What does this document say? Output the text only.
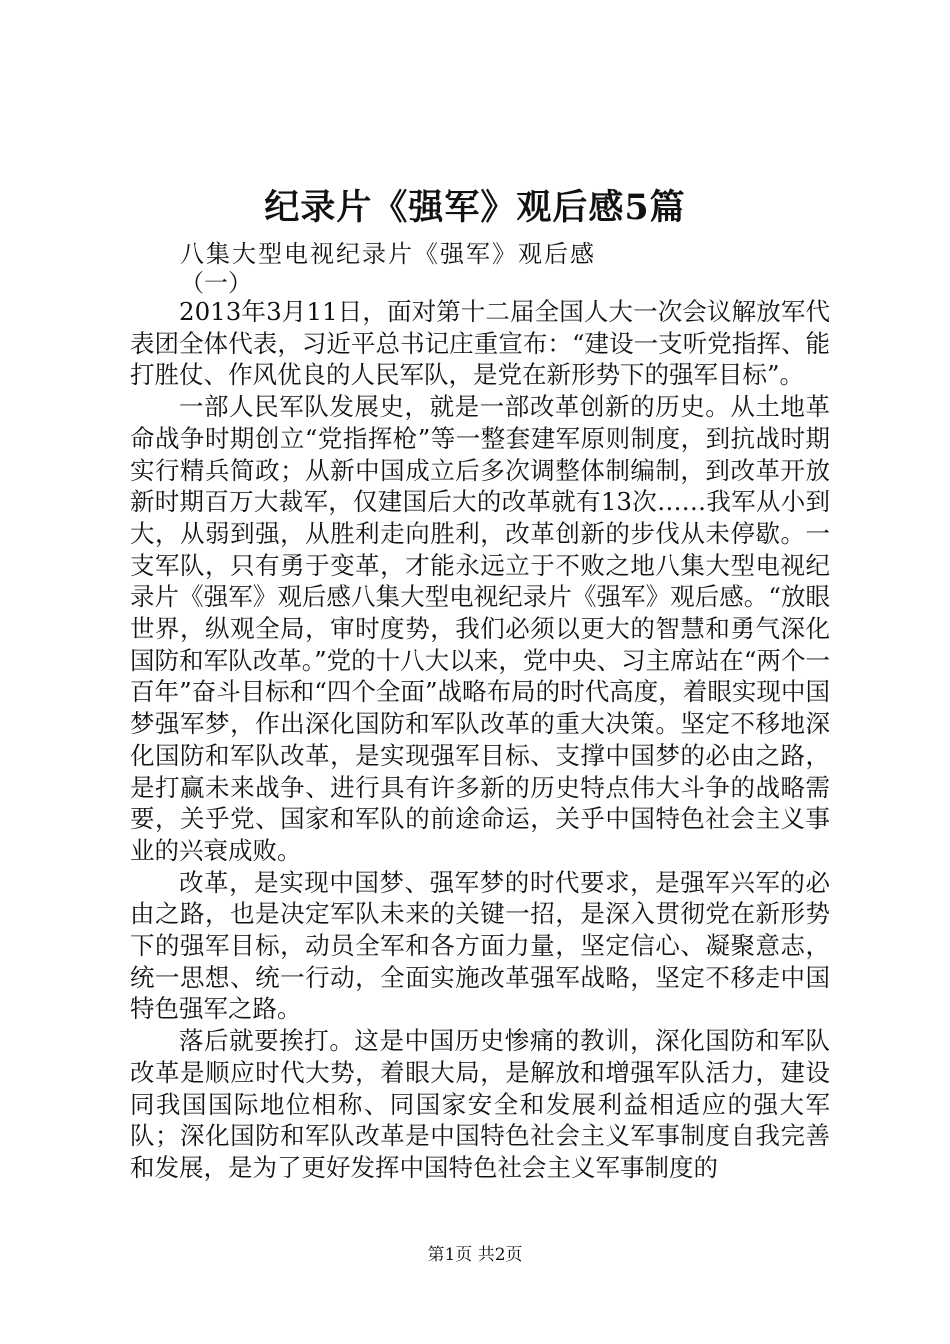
纪录片《强军》观后感5篇
八集大型电视纪录片《强军》观后感
（一）

2013年3月11日，面对第十二届全国人大一次会议解放军代表团全体代表，习近平总书记庄重宣布：“建设一支听党指挥、能打胜仗、作风优良的人民军队，是党在新形势下的强军目标”。

一部人民军队发展史，就是一部改革创新的历史。从土地革命战争时期创立“党指挥枪”等一整套建军原则制度，到抗战时期实行精兵简政；从新中国成立后多次调整体制编制，到改革开放新时期百万大裁军，仅建国后大的改革就有13次……我军从小到大，从弱到强，从胜利走向胜利，改革创新的步伐从未停歇。一支军队，只有勇于变革，才能永远立于不败之地八集大型电视纪录片《强军》观后感八集大型电视纪录片《强军》观后感。“放眼世界，纵观全局，审时度势，我们必须以更大的智慧和勇气深化国防和军队改革。”党的十八大以来，党中央、习主席站在“两个一百年”奋斗目标和“四个全面”战略布局的时代高度，着眼实现中国梦强军梦，作出深化国防和军队改革的重大决策。坚定不移地深化国防和军队改革，是实现强军目标、支撑中国梦的必由之路，是打赢未来战争、进行具有许多新的历史特点伟大斗争的战略需要，关乎党、国家和军队的前途命运，关乎中国特色社会主义事业的兴衰成败。

改革，是实现中国梦、强军梦的时代要求，是强军兴军的必由之路，也是决定军队未来的关键一招，是深入贯彻党在新形势下的强军目标，动员全军和各方面力量，坚定信心、凝聚意志，统一思想、统一行动，全面实施改革强军战略，坚定不移走中国特色强军之路。

落后就要挨打。这是中国历史惨痛的教训，深化国防和军队改革是顺应时代大势，着眼大局，是解放和增强军队活力，建设同我国国际地位相称、同国家安全和发展利益相适应的强大军队；深化国防和军队改革是中国特色社会主义军事制度自我完善和发展，是为了更好发挥中国特色社会主义军事制度的

第1页 共2页
